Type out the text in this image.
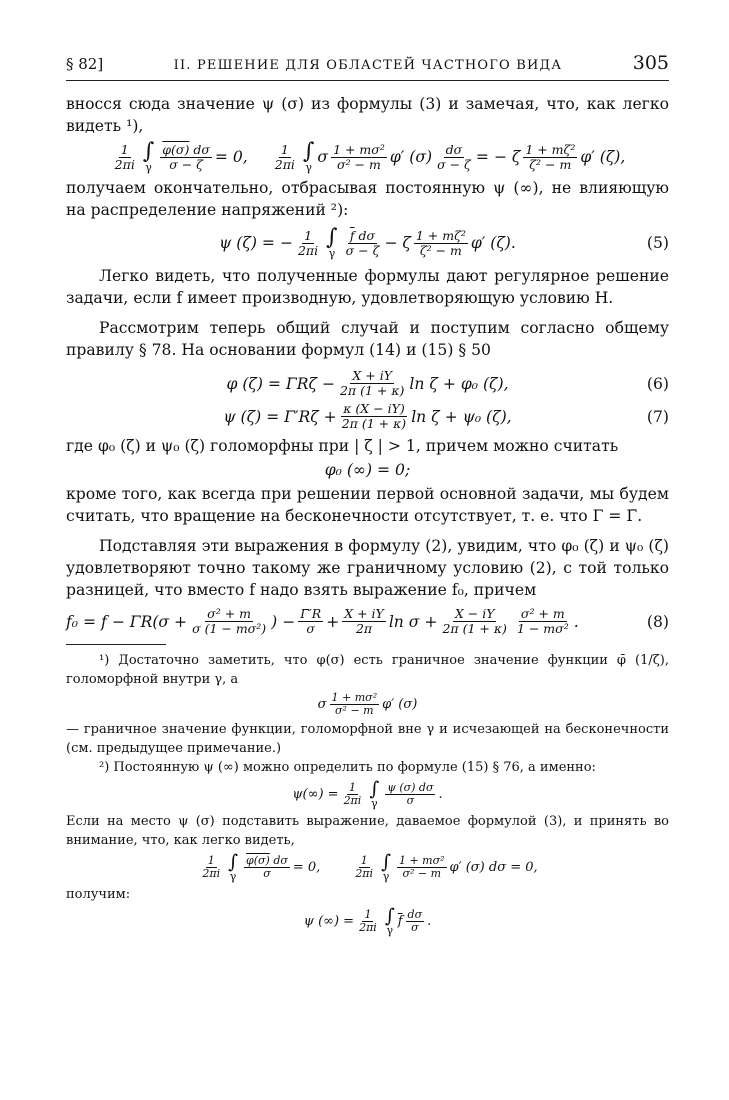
§ 82]	II. РЕШЕНИЕ ДЛЯ ОБЛАСТЕЙ ЧАСТНОГО ВИДА	305

вносся сюда значение ψ (σ) из формулы (3) и замечая, что, как легко видеть ¹),

$\frac{1}{2\pi i}$ ∫
γ $\frac{\varphi(\sigma) d\sigma}{\sigma - \zeta} = 0$, $\frac{1}{2\pi i}$ ∫
γ
σ $\frac{\text{1 + mσ²}}{\text{σ² − m}} \varphi'$ $(\sigma) \frac{d\sigma}{\sigma - \zeta}$ = − ζ $\frac{\text{1 + mζ²}}{\text{ζ² − m}} \varphi'$ (ζ),

получаем окончательно, отбрасывая постоянную ψ (∞), не влияющую на распределение напряжений ²):

ψ (ζ) = − $\frac{1}{2\pi i}$ ∫
γ $\frac{\overline{f} d\sigma}{\sigma - \zeta} - \zeta \frac{\text{1 + mζ²}}{\text{ζ² − m}} \varphi'$ (ζ).	(5)

Легко видеть, что полученные формулы дают регулярное решение задачи, если f имеет производную, удовлетворяющую условию H.

Рассмотрим теперь общий случай и поступим согласно общему правилу § 78. На основании формул (14) и (15) § 50

φ $(\zeta) = \Gamma R\zeta - \frac{X + iY}{2\pi (1 + \kappa)}$ ln ζ + φ₀ (ζ),	(6)
ψ $(\zeta) = \Gamma'R\zeta + \frac{\kappa (X - iY)}{2\pi (1 + \kappa)}$ ln ζ + ψ₀ (ζ),	(7)

где φ₀ (ζ) и ψ₀ (ζ) голоморфны при | ζ | > 1, причем можно считать

φ₀ (∞) = 0;

кроме того, как всегда при решении первой основной задачи, мы будем считать, что вращение на бесконечности отсутствует, т. е. что Γ = Γ̄.

Подставляя эти выражения в формулу (2), увидим, что φ₀ (ζ) и ψ₀ (ζ) удовлетворяют точно такому же граничному условию (2), с той только разницей, что вместо f надо взять выражение f₀, причем

$f_0 = f - \Gamma R(\sigma + \frac{\text{σ² + m}}{\text{σ (1 − mσ²)}}$ ) − $\frac{\Gammā'R}{\sigma} + \frac{X + iY}{2\pi}$ $\ln \sigma + \frac{X - iY}{2\pi (1 + \kappa)} \frac{\text{σ² + m}}{\text{1 − mσ²}}$ .	(8)

¹) Достаточно заметить, что φ(σ) есть граничное значение функции φ̄ (1/ζ), голоморфной внутри γ, а

σ $\frac{\text{1 + mσ²}}{\text{σ² − m}} \varphi'$ (σ)

— граничное значение функции, голоморфной вне γ и исчезающей на бесконечности (см. предыдущее примечание.)

²) Постоянную ψ (∞) можно определить по формуле (15) § 76, а именно:

$\psi(\infty) = \frac{1}{2\pi i}$ ∫
γ $\frac{\psi (\sigma) d\sigma}{\sigma}$ .

Если на место ψ (σ) подставить выражение, даваемое формулой (3), и принять во внимание, что, как легко видеть,

$\frac{1}{2\pi i}$ ∫
γ $\frac{\varphi(\sigma) d\sigma}{\sigma} = 0$,	$\frac{1}{2\pi i}$ ∫
γ $\frac{\text{1 + mσ²}}{\text{σ² − m}} \varphi'$ (σ) dσ = 0,

получим:

ψ (∞) = $\frac{1}{2\pi i}$ ∫
γ
$\overline{f} \frac{d\sigma}{\sigma}$ .
